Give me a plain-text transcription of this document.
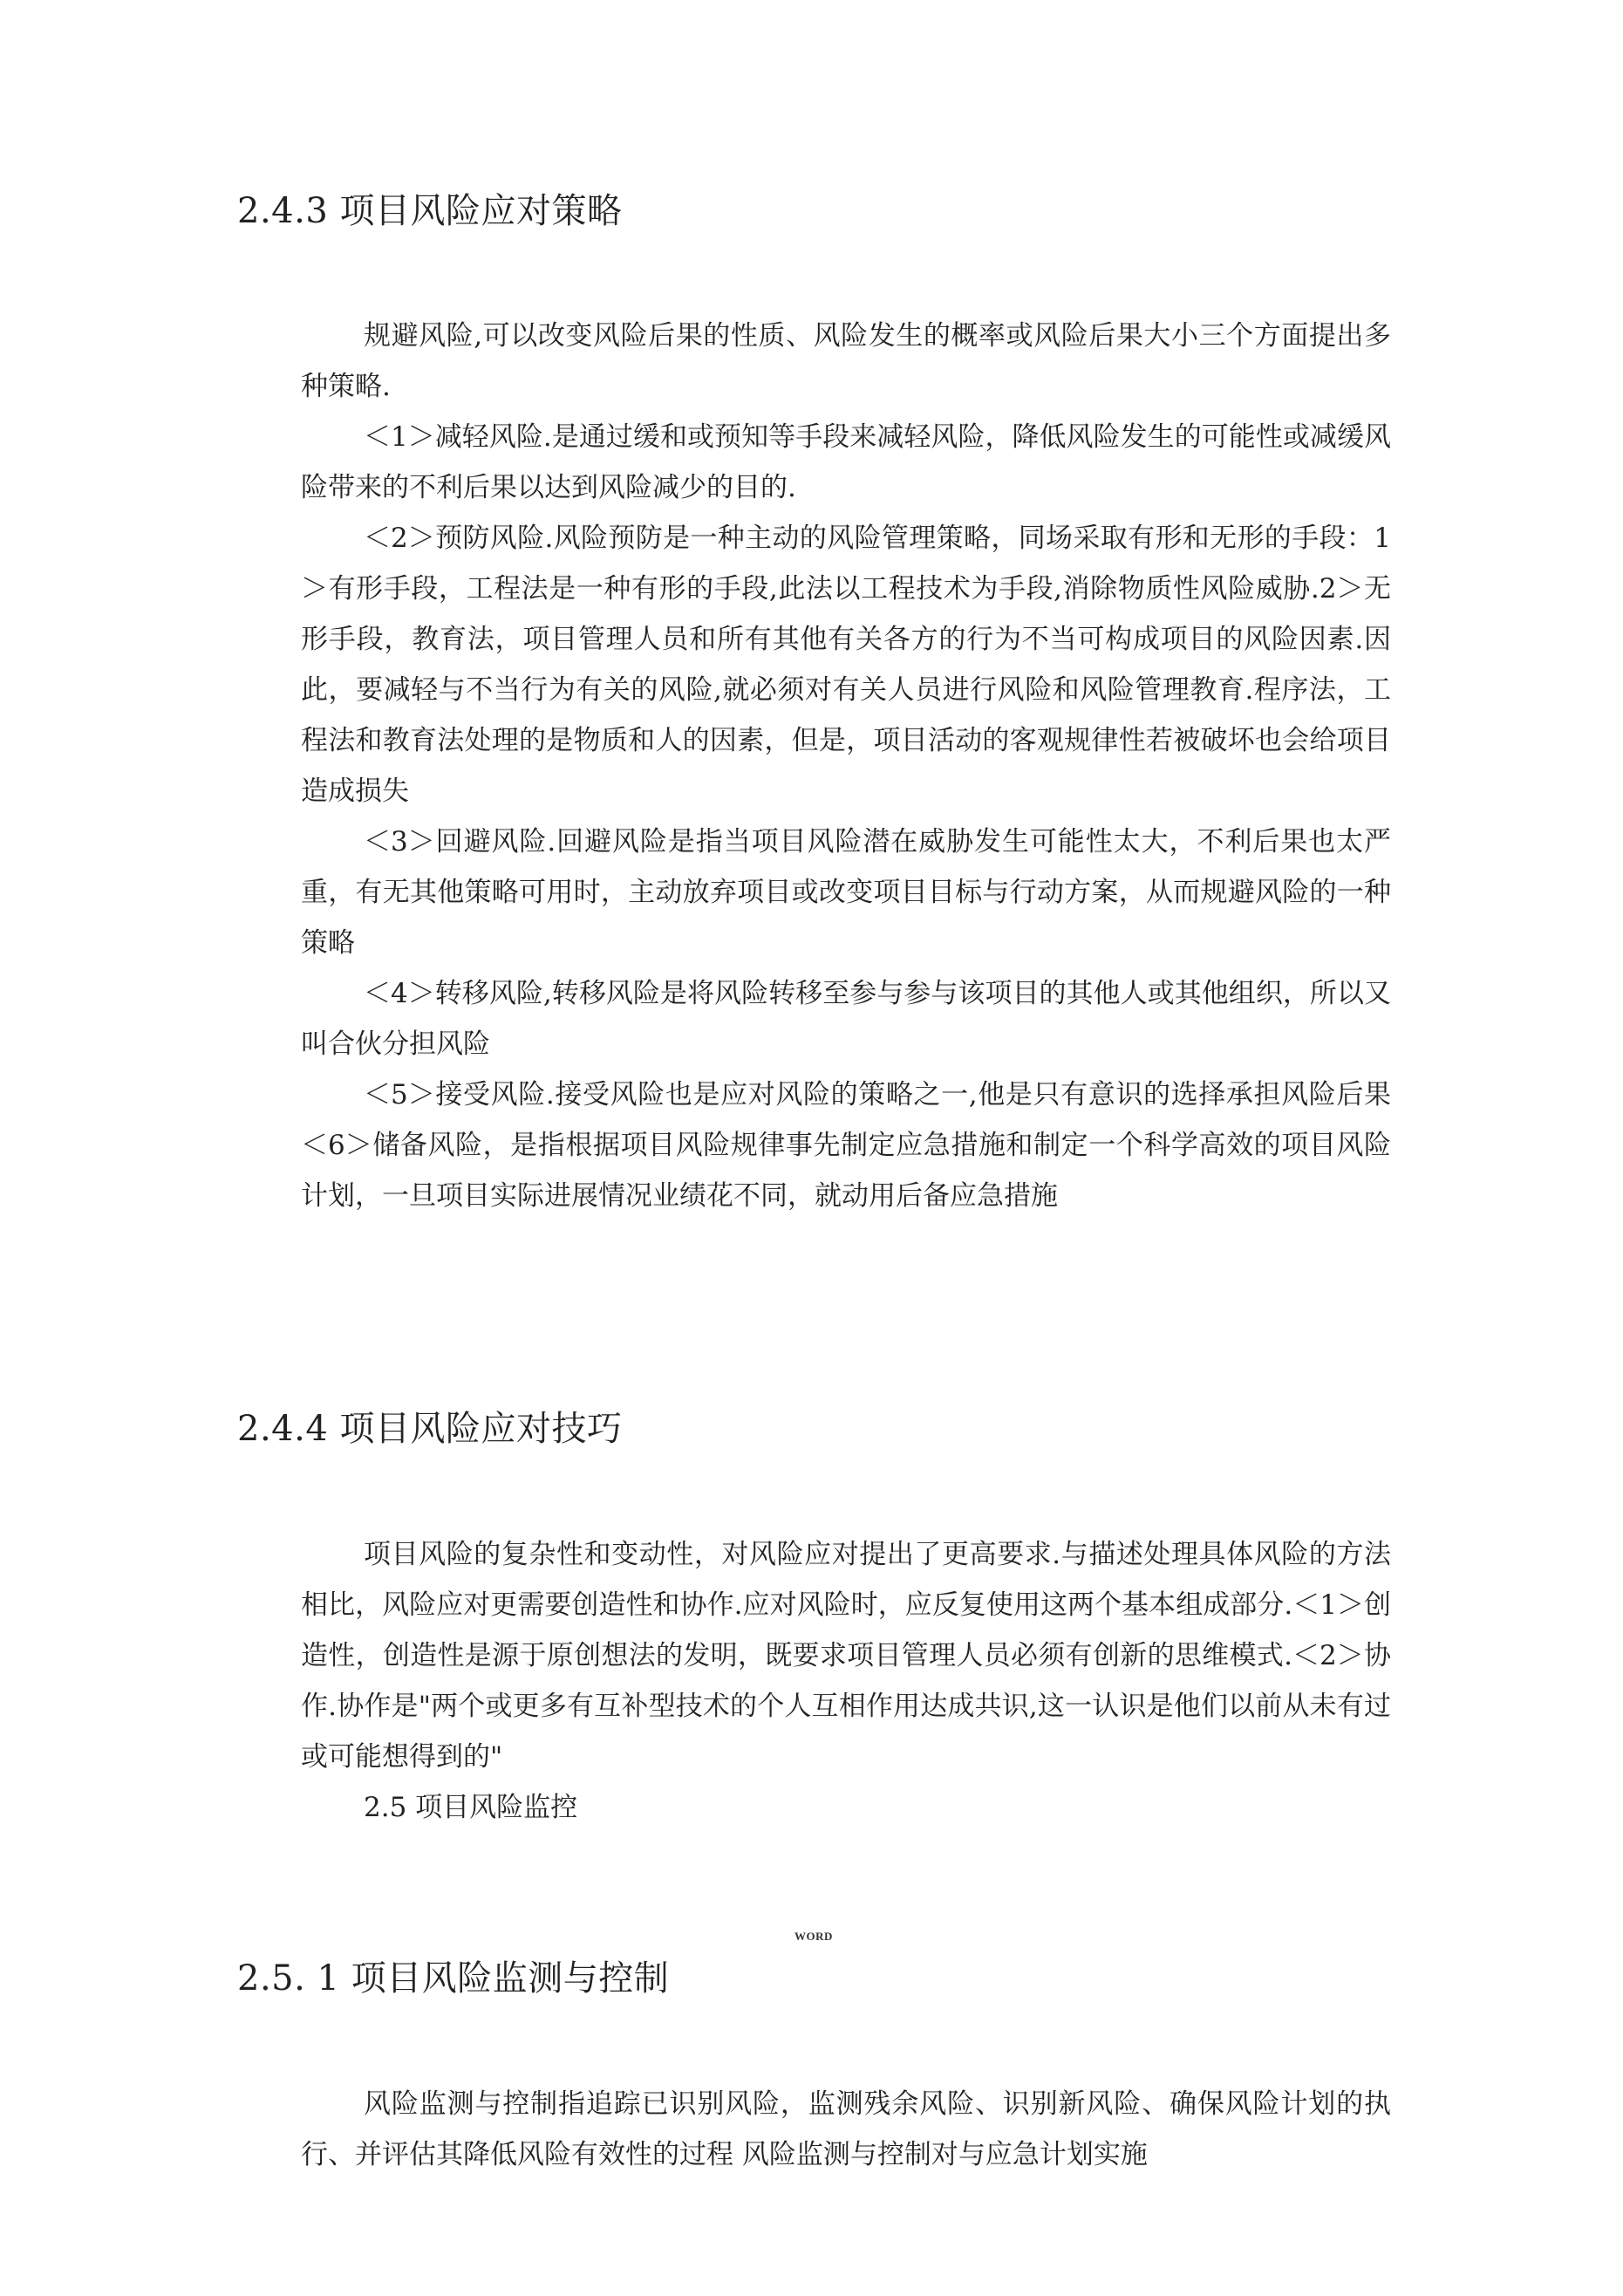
2.4.3 项目风险应对策略

规避风险,可以改变风险后果的性质、风险发生的概率或风险后果大小三个方面提出多种策略.

＜1＞减轻风险.是通过缓和或预知等手段来减轻风险，降低风险发生的可能性或减缓风险带来的不利后果以达到风险减少的目的.

＜2＞预防风险.风险预防是一种主动的风险管理策略，同场采取有形和无形的手段：1＞有形手段，工程法是一种有形的手段,此法以工程技术为手段,消除物质性风险威胁.2＞无形手段，教育法，项目管理人员和所有其他有关各方的行为不当可构成项目的风险因素.因此，要减轻与不当行为有关的风险,就必须对有关人员进行风险和风险管理教育.程序法，工程法和教育法处理的是物质和人的因素，但是，项目活动的客观规律性若被破坏也会给项目造成损失

＜3＞回避风险.回避风险是指当项目风险潜在威胁发生可能性太大，不利后果也太严重，有无其他策略可用时，主动放弃项目或改变项目目标与行动方案，从而规避风险的一种策略

＜4＞转移风险,转移风险是将风险转移至参与参与该项目的其他人或其他组织，所以又叫合伙分担风险

＜5＞接受风险.接受风险也是应对风险的策略之一,他是只有意识的选择承担风险后果＜6＞储备风险，是指根据项目风险规律事先制定应急措施和制定一个科学高效的项目风险计划，一旦项目实际进展情况业绩花不同，就动用后备应急措施

2.4.4 项目风险应对技巧

项目风险的复杂性和变动性，对风险应对提出了更高要求.与描述处理具体风险的方法相比，风险应对更需要创造性和协作.应对风险时，应反复使用这两个基本组成部分.＜1＞创造性，创造性是源于原创想法的发明，既要求项目管理人员必须有创新的思维模式.＜2＞协作.协作是"两个或更多有互补型技术的个人互相作用达成共识,这一认识是他们以前从未有过或可能想得到的"

2.5 项目风险监控
WORD
2.5. 1 项目风险监测与控制

风险监测与控制指追踪已识别风险，监测残余风险、识别新风险、确保风险计划的执行、并评估其降低风险有效性的过程 风险监测与控制对与应急计划实施
